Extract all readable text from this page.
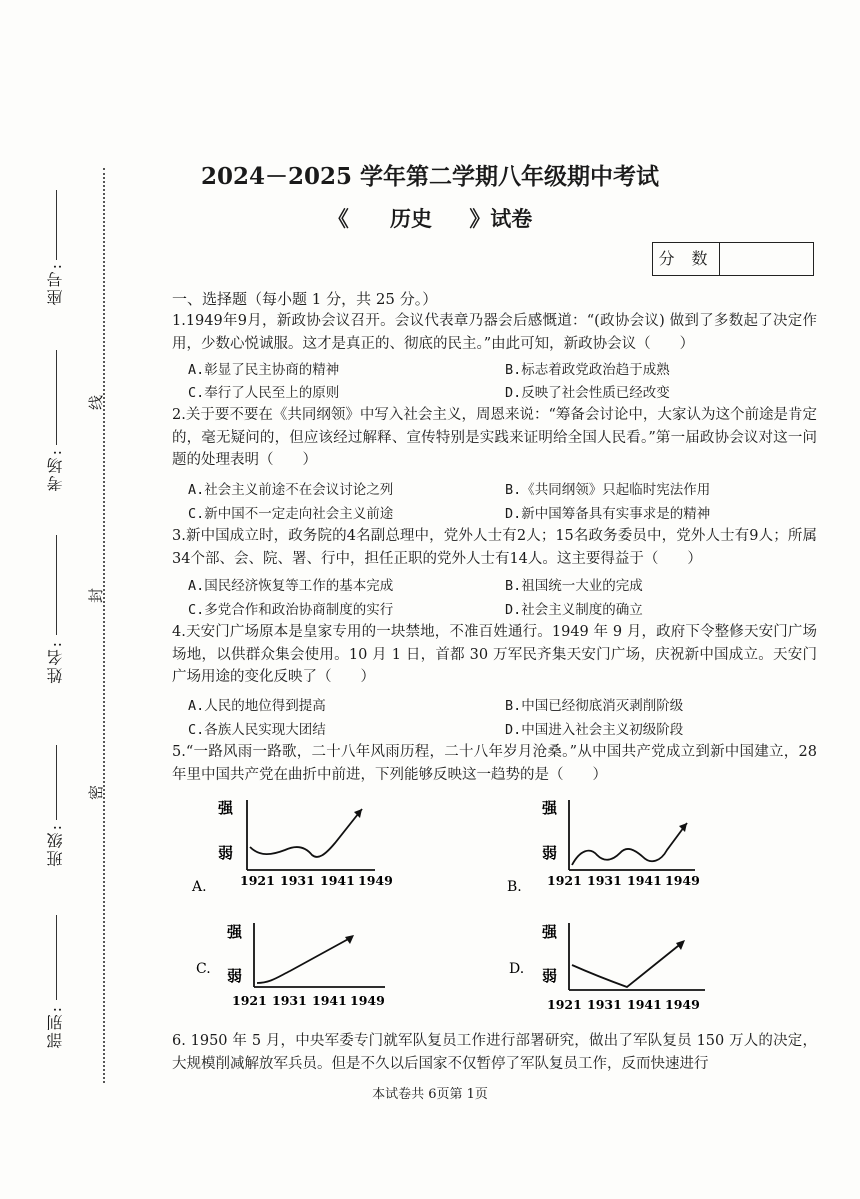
座号:
考场:
姓名:
班级:
部别:
线
封
密
2024－2025 学年第二学期八年级期中考试
《 历史 》试卷
分 数
一、选择题（每小题 1 分，共 25 分。）
1.1949年9月，新政协会议召开。会议代表章乃器会后感慨道：“(政协会议) 做到了多数起了决定作用，少数心悦诚服。这才是真正的、彻底的民主。”由此可知，新政协会议（　　）
A.彰显了民主协商的精神	B.标志着政党政治趋于成熟
C.奉行了人民至上的原则	D.反映了社会性质已经改变
2.关于要不要在《共同纲领》中写入社会主义，周恩来说：“筹备会讨论中，大家认为这个前途是肯定的，毫无疑问的，但应该经过解释、宣传特别是实践来证明给全国人民看。”第一届政协会议对这一问题的处理表明（　　）
A.社会主义前途不在会议讨论之列	B.《共同纲领》只起临时宪法作用
C.新中国不一定走向社会主义前途	D.新中国筹备具有实事求是的精神
3.新中国成立时，政务院的4名副总理中，党外人士有2人；15名政务委员中，党外人士有9人；所属34个部、会、院、署、行中，担任正职的党外人士有14人。这主要得益于（　　）
A.国民经济恢复等工作的基本完成	B.祖国统一大业的完成
C.多党合作和政治协商制度的实行	D.社会主义制度的确立
4.天安门广场原本是皇家专用的一块禁地，不准百姓通行。1949 年 9 月，政府下令整修天安门广场场地，以供群众集会使用。10 月 1 日，首都 30 万军民齐集天安门广场，庆祝新中国成立。天安门广场用途的变化反映了（　　）
A.人民的地位得到提高	B.中国已经彻底消灭剥削阶级
C.各族人民实现大团结	D.中国进入社会主义初级阶段
5.“一路风雨一路歌，二十八年风雨历程，二十八年岁月沧桑。”从中国共产党成立到新中国建立，28年里中国共产党在曲折中前进，下列能够反映这一趋势的是（　　）
强
弱
1921 1931 1941 1949
A.
强
弱
1921 1931 1941 1949
B.
强
弱
1921 1931 1941 1949
C.
强
弱
1921 1931 1941 1949
D.
6. 1950 年 5 月，中央军委专门就军队复员工作进行部署研究，做出了军队复员 150 万人的决定，大规模削减解放军兵员。但是不久以后国家不仅暂停了军队复员工作，反而快速进行
本试卷共 6页第 1页
